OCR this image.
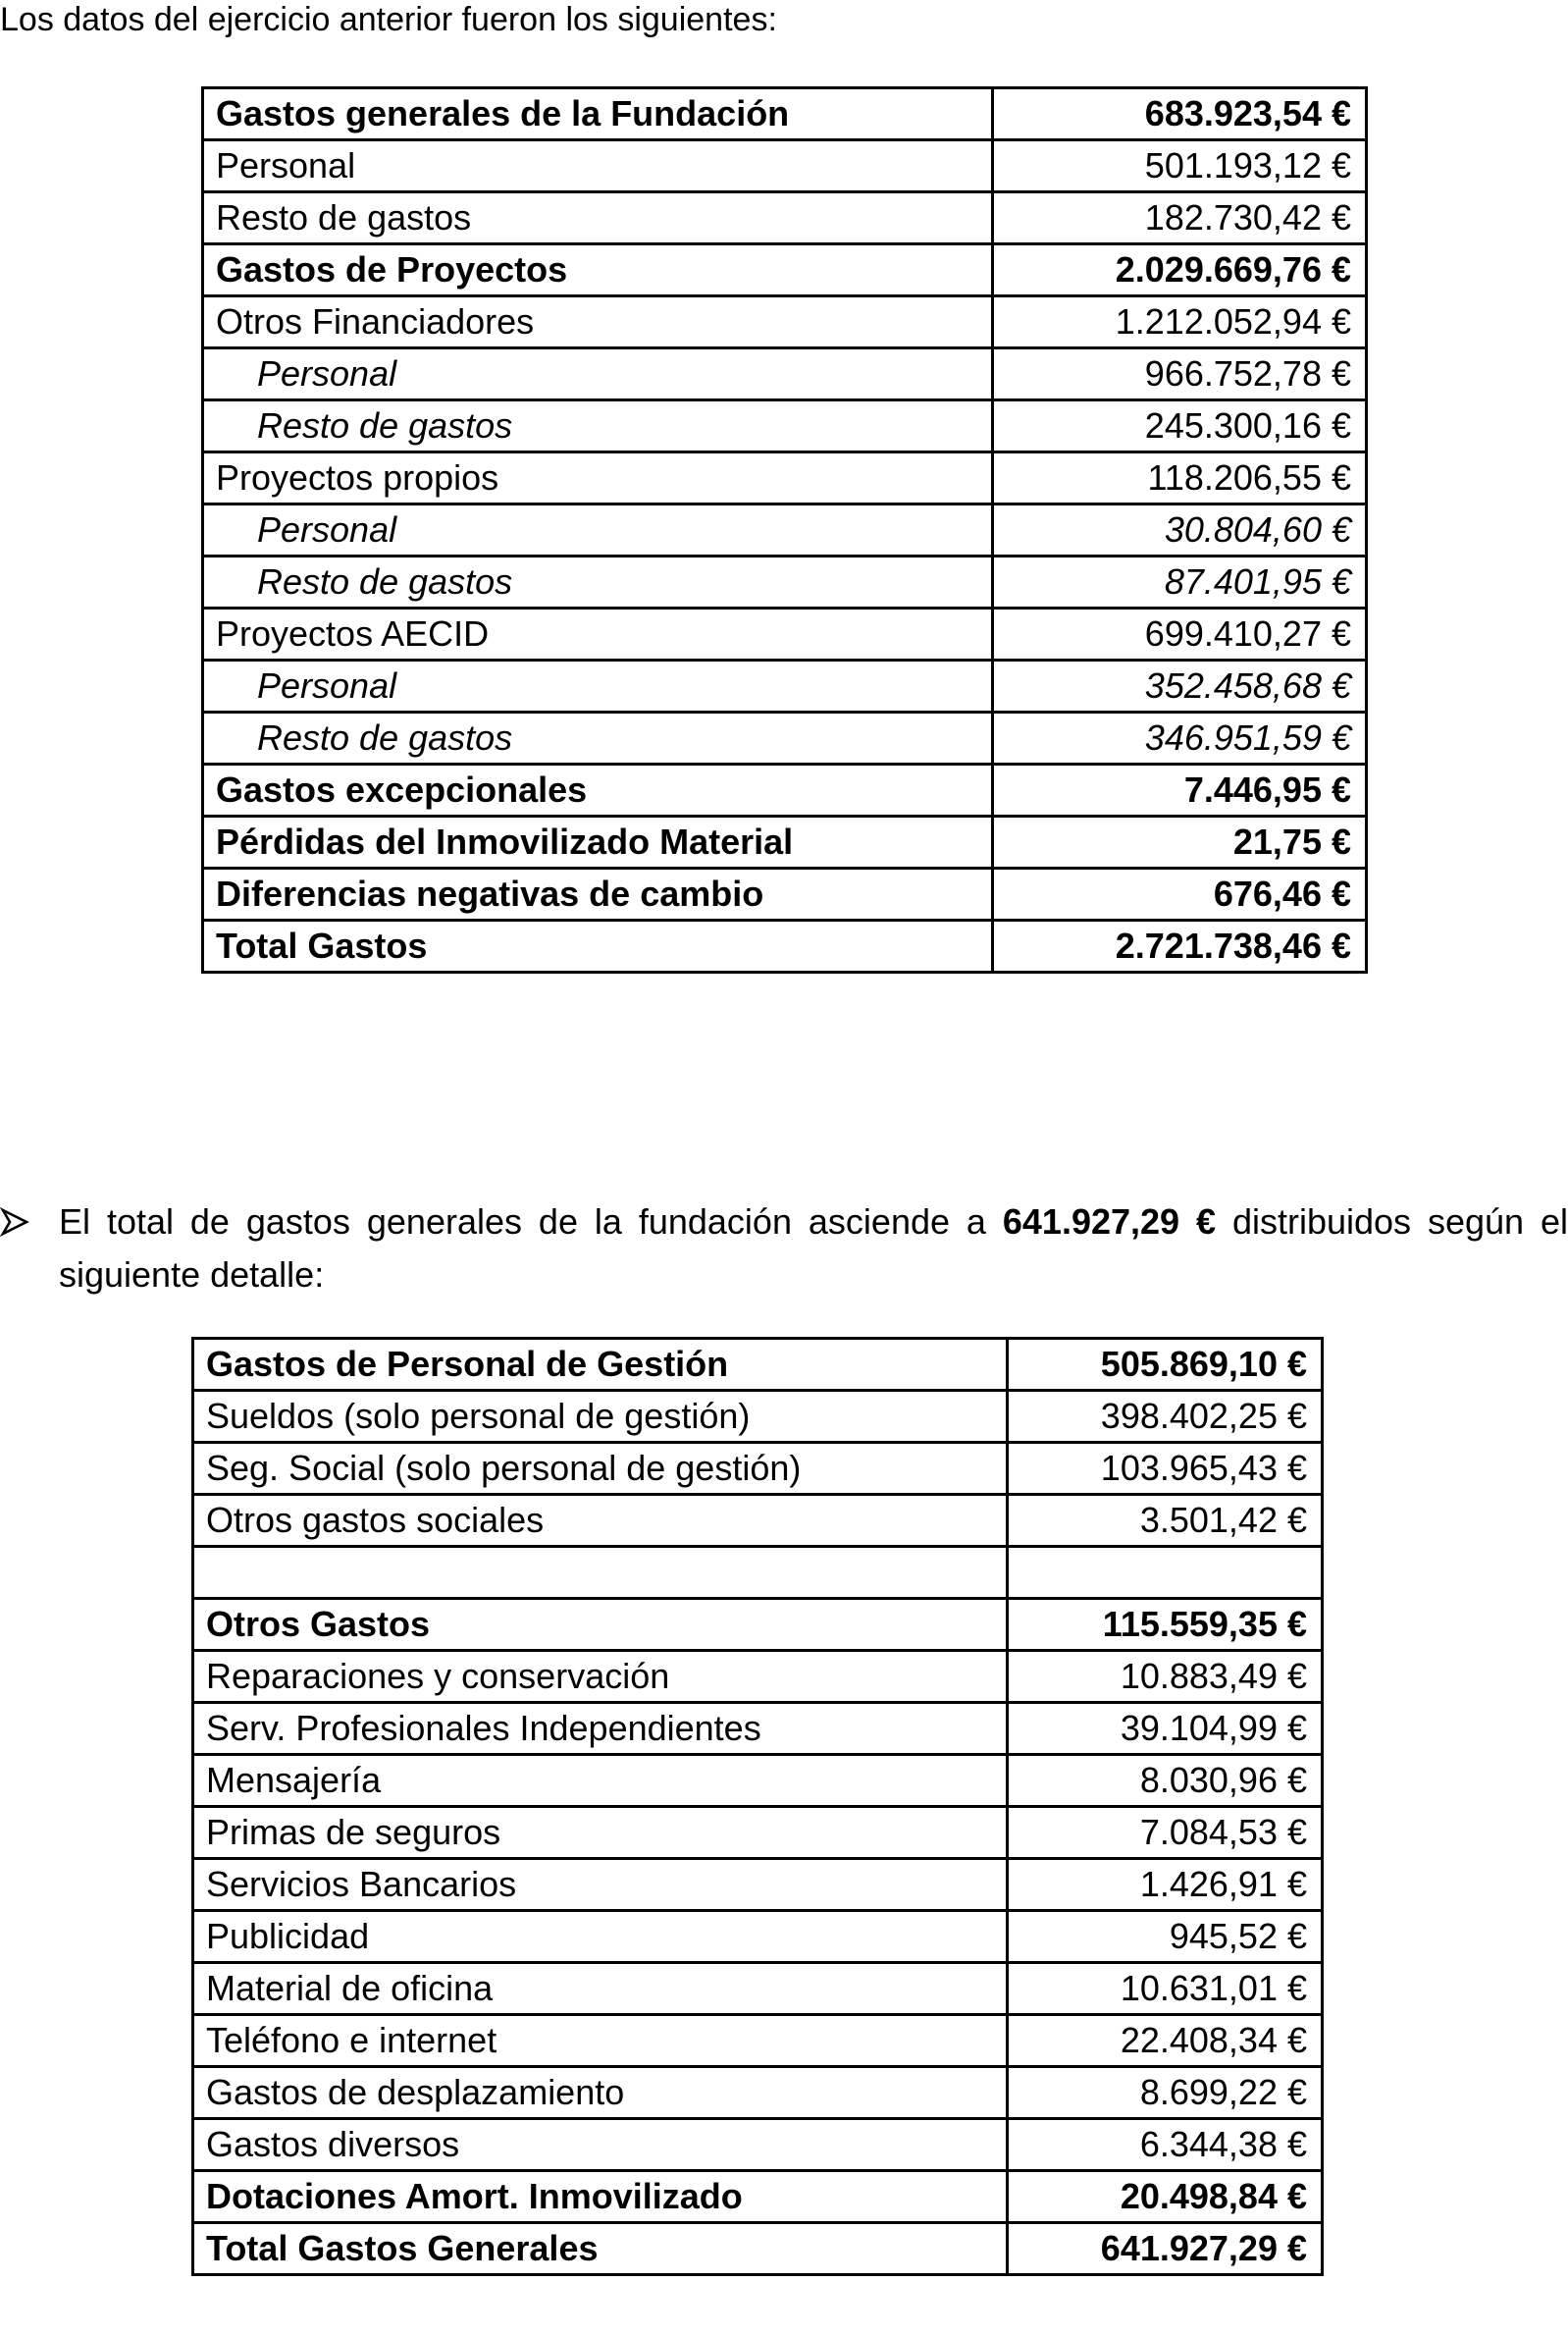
Los datos del ejercicio anterior fueron los siguientes:
Gastos generales de la Fundación	683.923,54 €
Personal	501.193,12 €
Resto de gastos	182.730,42 €
Gastos de Proyectos	2.029.669,76 €
Otros Financiadores	1.212.052,94 €
Personal	966.752,78 €
Resto de gastos	245.300,16 €
Proyectos propios	118.206,55 €
Personal	30.804,60 €
Resto de gastos	87.401,95 €
Proyectos AECID	699.410,27 €
Personal	352.458,68 €
Resto de gastos	346.951,59 €
Gastos excepcionales	7.446,95 €
Pérdidas del Inmovilizado Material	21,75 €
Diferencias negativas de cambio	676,46 €
Total Gastos	2.721.738,46 €
El total de gastos generales de la fundación asciende a 641.927,29 € distribuidos según el siguiente detalle:
Gastos de Personal de Gestión	505.869,10 €
Sueldos (solo personal de gestión)	398.402,25 €
Seg. Social (solo personal de gestión)	103.965,43 €
Otros gastos sociales	3.501,42 €

Otros Gastos	115.559,35 €
Reparaciones y conservación	10.883,49 €
Serv. Profesionales Independientes	39.104,99 €
Mensajería	8.030,96 €
Primas de seguros	7.084,53 €
Servicios Bancarios	1.426,91 €
Publicidad	945,52 €
Material de oficina	10.631,01 €
Teléfono e internet	22.408,34 €
Gastos de desplazamiento	8.699,22 €
Gastos diversos	6.344,38 €
Dotaciones Amort. Inmovilizado	20.498,84 €
Total Gastos Generales	641.927,29 €
